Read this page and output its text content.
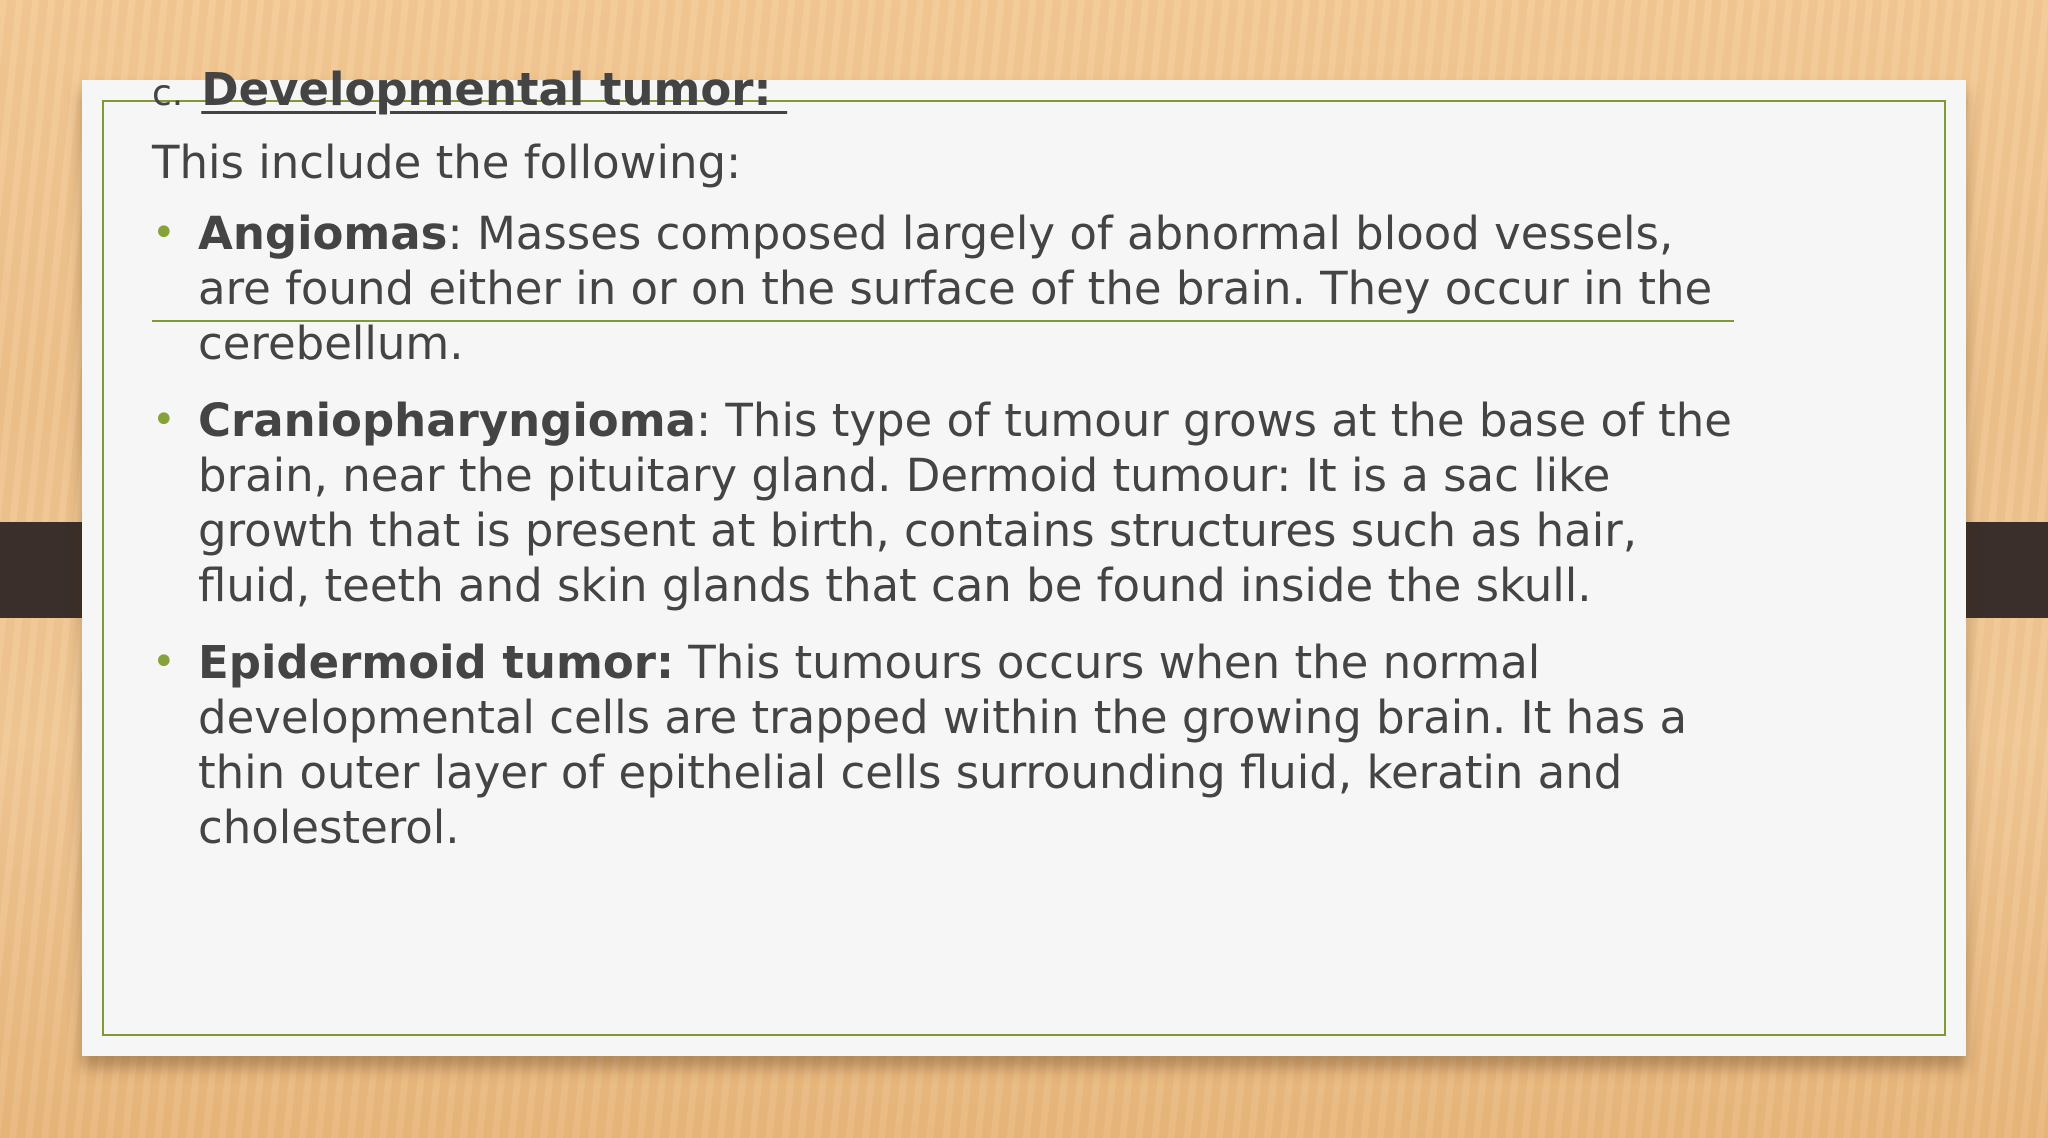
c. Developmental tumor:
This include the following:
• Angiomas: Masses composed largely of abnormal blood vessels, are found either in or on the surface of the brain. They occur in the cerebellum.
• Craniopharyngioma: This type of tumour grows at the base of the brain, near the pituitary gland. Dermoid tumour: It is a sac like growth that is present at birth, contains structures such as hair, fluid, teeth and skin glands that can be found inside the skull.
• Epidermoid tumor: This tumours occurs when the normal developmental cells are trapped within the growing brain. It has a thin outer layer of epithelial cells surrounding fluid, keratin and cholesterol.
